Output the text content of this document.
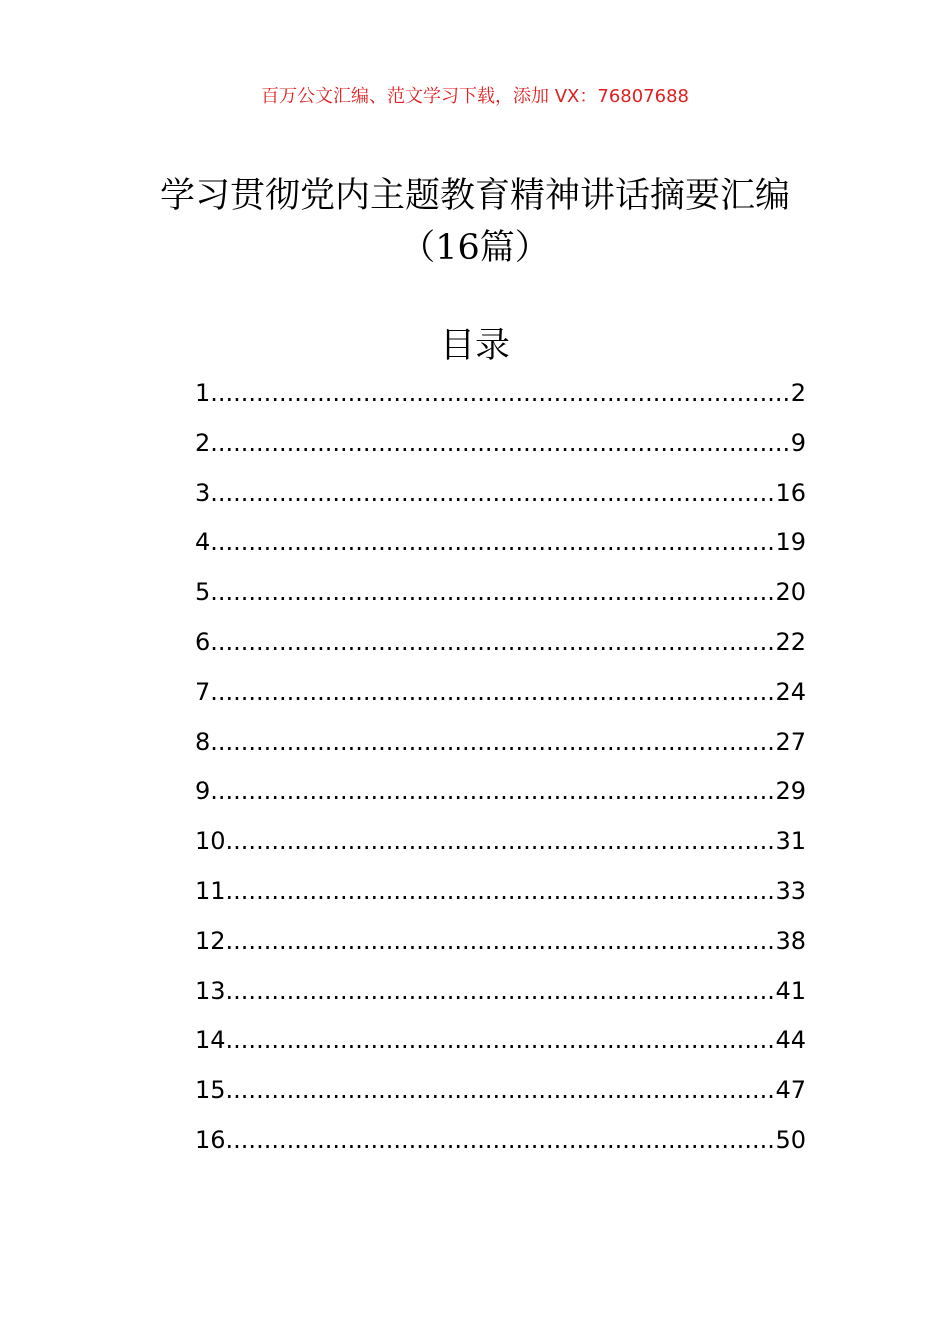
百万公文汇编、范文学习下载，添加 VX：76807688
学习贯彻党内主题教育精神讲话摘要汇编
（16篇）
目录
1 .....	2
2 .....	9
3 .....	16
4 .....	19
5 .....	20
6 .....	22
7 .....	24
8 .....	27
9 .....	29
10 .....	31
11 .....	33
12 .....	38
13 .....	41
14 .....	44
15 .....	47
16 .....	50
